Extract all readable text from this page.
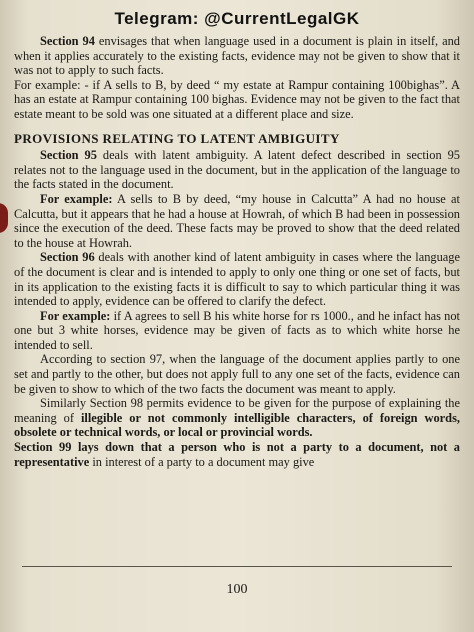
Telegram: @CurrentLegalGK

Section 94 envisages that when language used in a document is plain in itself, and when it applies accurately to the existing facts, evidence may not be given to show that it was not to apply to such facts.

For example: - if A sells to B, by deed “ my estate at Rampur containing 100bighas”. A has an estate at Rampur containing 100 bighas. Evidence may not be given to the fact that estate meant to be sold was one situated at a different place and size.

PROVISIONS RELATING TO LATENT AMBIGUITY

Section 95 deals with latent ambiguity. A latent defect described in section 95 relates not to the language used in the document, but in the application of the language to the facts stated in the document.

For example: A sells to B by deed, “my house in Calcutta” A had no house at Calcutta, but it appears that he had a house at Howrah, of which B had been in possession since the execution of the deed. These facts may be proved to show that the deed related to the house at Howrah.

Section 96 deals with another kind of latent ambiguity in cases where the language of the document is clear and is intended to apply to only one thing or one set of facts, but in its application to the existing facts it is difficult to say to which particular thing it was intended to apply, evidence can be offered to clarify the defect.

For example: if A agrees to sell B his white horse for rs 1000., and he infact has not one but 3 white horses, evidence may be given of facts as to which white horse he intended to sell.

According to section 97, when the language of the document applies partly to one set and partly to the other, but does not apply full to any one set of the facts, evidence can be given to show to which of the two facts the document was meant to apply.

Similarly Section 98 permits evidence to be given for the purpose of explaining the meaning of illegible or not commonly intelligible characters, of foreign words, obsolete or technical words, or local or provincial words.

Section 99 lays down that a person who is not a party to a document, not a representative in interest of a party to a document may give

100
